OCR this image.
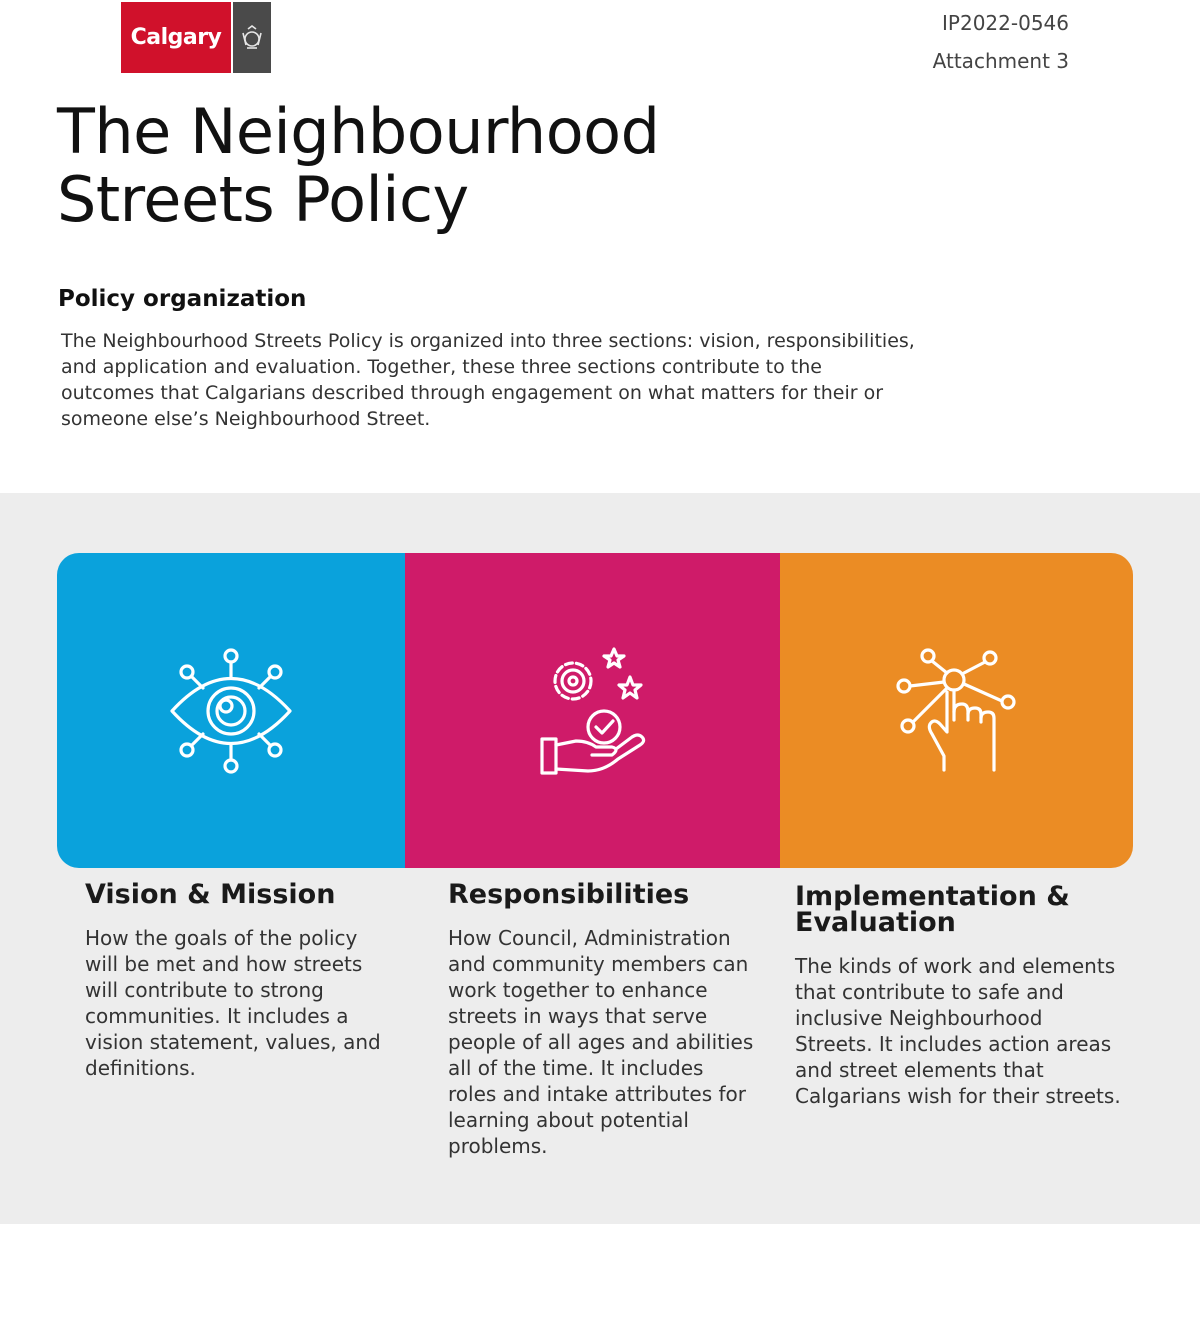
Calgary
IP2022-0546
Attachment 3
The Neighbourhood
Streets Policy
Policy organization

The Neighbourhood Streets Policy is organized into three sections: vision, responsibilities, and application and evaluation. Together, these three sections contribute to the outcomes that Calgarians described through engagement on what matters for their or someone else’s Neighbourhood Street.

Vision & Mission

How the goals of the policy will be met and how streets will contribute to strong communities. It includes a vision statement, values, and definitions.

Responsibilities

How Council, Administration and community members can work together to enhance streets in ways that serve people of all ages and abilities all of the time. It includes roles and intake attributes for learning about potential problems.

Implementation & Evaluation

The kinds of work and elements that contribute to safe and inclusive Neighbourhood Streets. It includes action areas and street elements that Calgarians wish for their streets.
